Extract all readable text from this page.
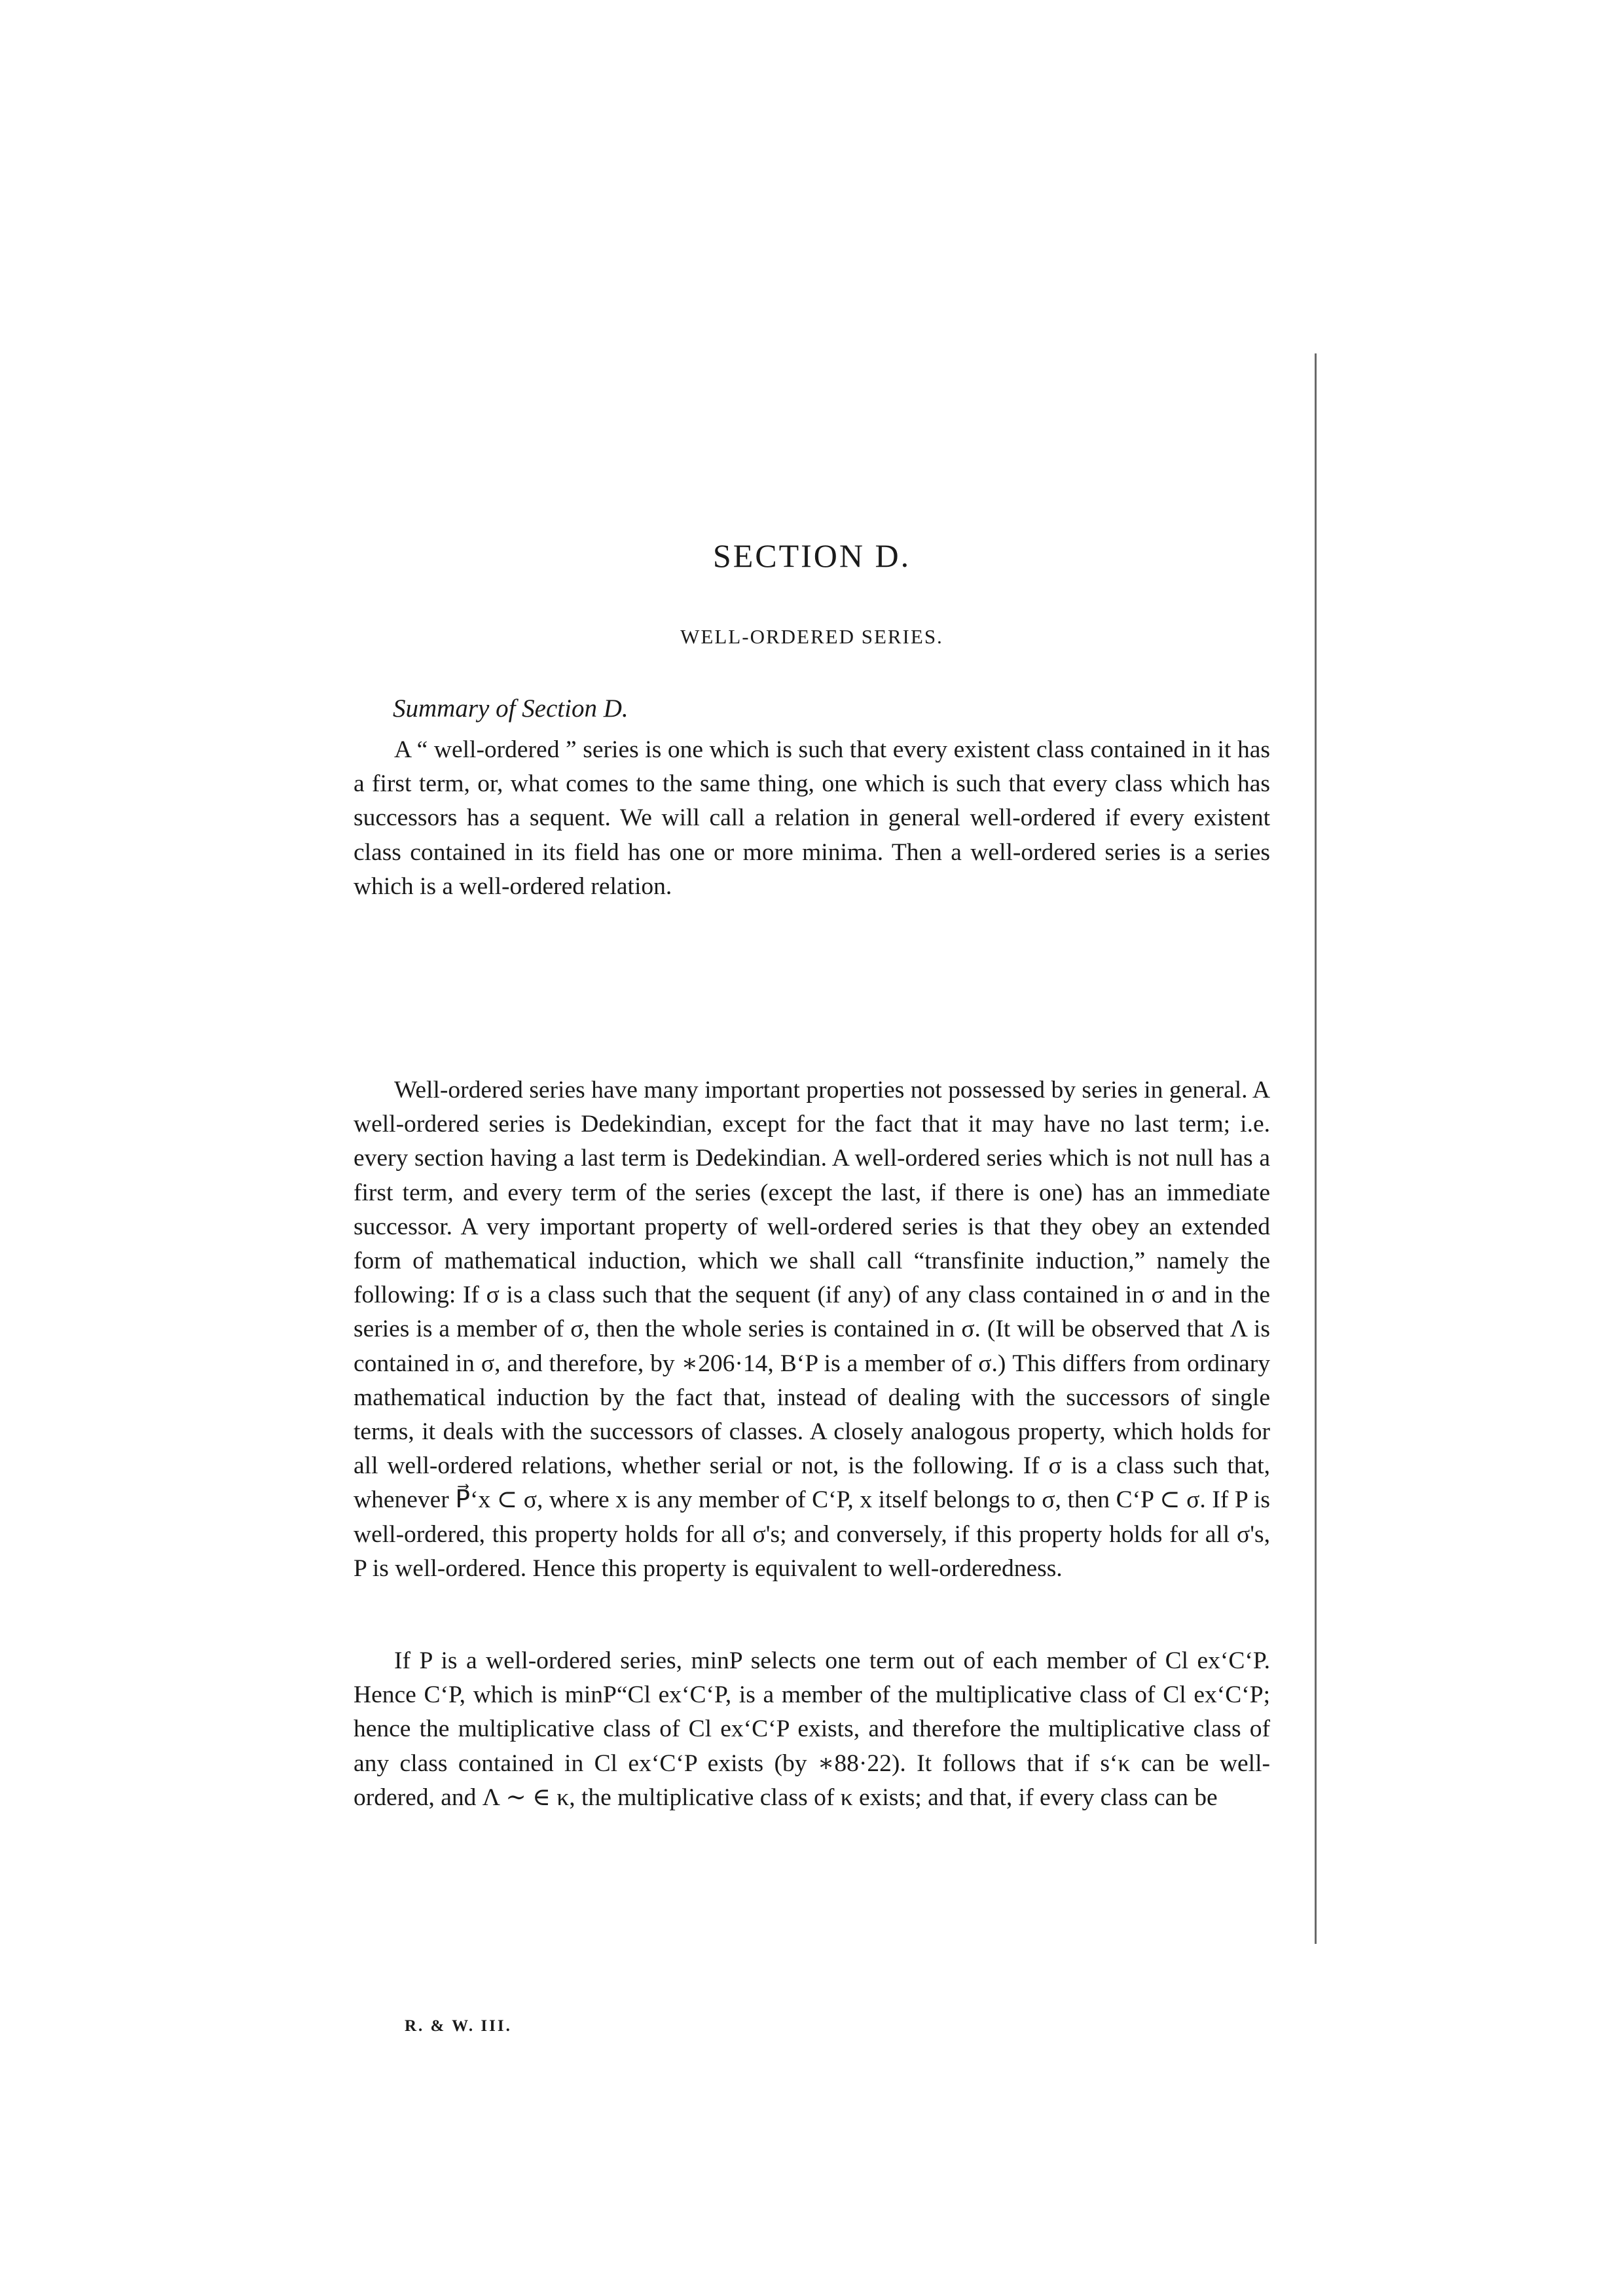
SECTION D.
WELL-ORDERED SERIES.
Summary of Section D.

A “ well-ordered ” series is one which is such that every existent class contained in it has a first term, or, what comes to the same thing, one which is such that every class which has successors has a sequent. We will call a relation in general well-ordered if every existent class contained in its field has one or more minima. Then a well-ordered series is a series which is a well-ordered relation.

Well-ordered series have many important properties not possessed by series in general. A well-ordered series is Dedekindian, except for the fact that it may have no last term; i.e. every section having a last term is Dedekindian. A well-ordered series which is not null has a first term, and every term of the series (except the last, if there is one) has an immediate successor. A very important property of well-ordered series is that they obey an extended form of mathematical induction, which we shall call “transfinite induction,” namely the following: If σ is a class such that the sequent (if any) of any class contained in σ and in the series is a member of σ, then the whole series is contained in σ. (It will be observed that Λ is contained in σ, and therefore, by ∗206·14, B‘P is a member of σ.) This differs from ordinary mathematical induction by the fact that, instead of dealing with the successors of single terms, it deals with the successors of classes. A closely analogous property, which holds for all well-ordered relations, whether serial or not, is the following. If σ is a class such that, whenever P⃗‘x ⊂ σ, where x is any member of C‘P, x itself belongs to σ, then C‘P ⊂ σ. If P is well-ordered, this property holds for all σ's; and conversely, if this property holds for all σ's, P is well-ordered. Hence this property is equivalent to well-orderedness.

If P is a well-ordered series, minP selects one term out of each member of Cl ex‘C‘P. Hence C‘P, which is minP“Cl ex‘C‘P, is a member of the multiplicative class of Cl ex‘C‘P; hence the multiplicative class of Cl ex‘C‘P exists, and therefore the multiplicative class of any class contained in Cl ex‘C‘P exists (by ∗88·22). It follows that if s‘κ can be well-ordered, and Λ ∼ ∈ κ, the multiplicative class of κ exists; and that, if every class can be

R. & W. III.
